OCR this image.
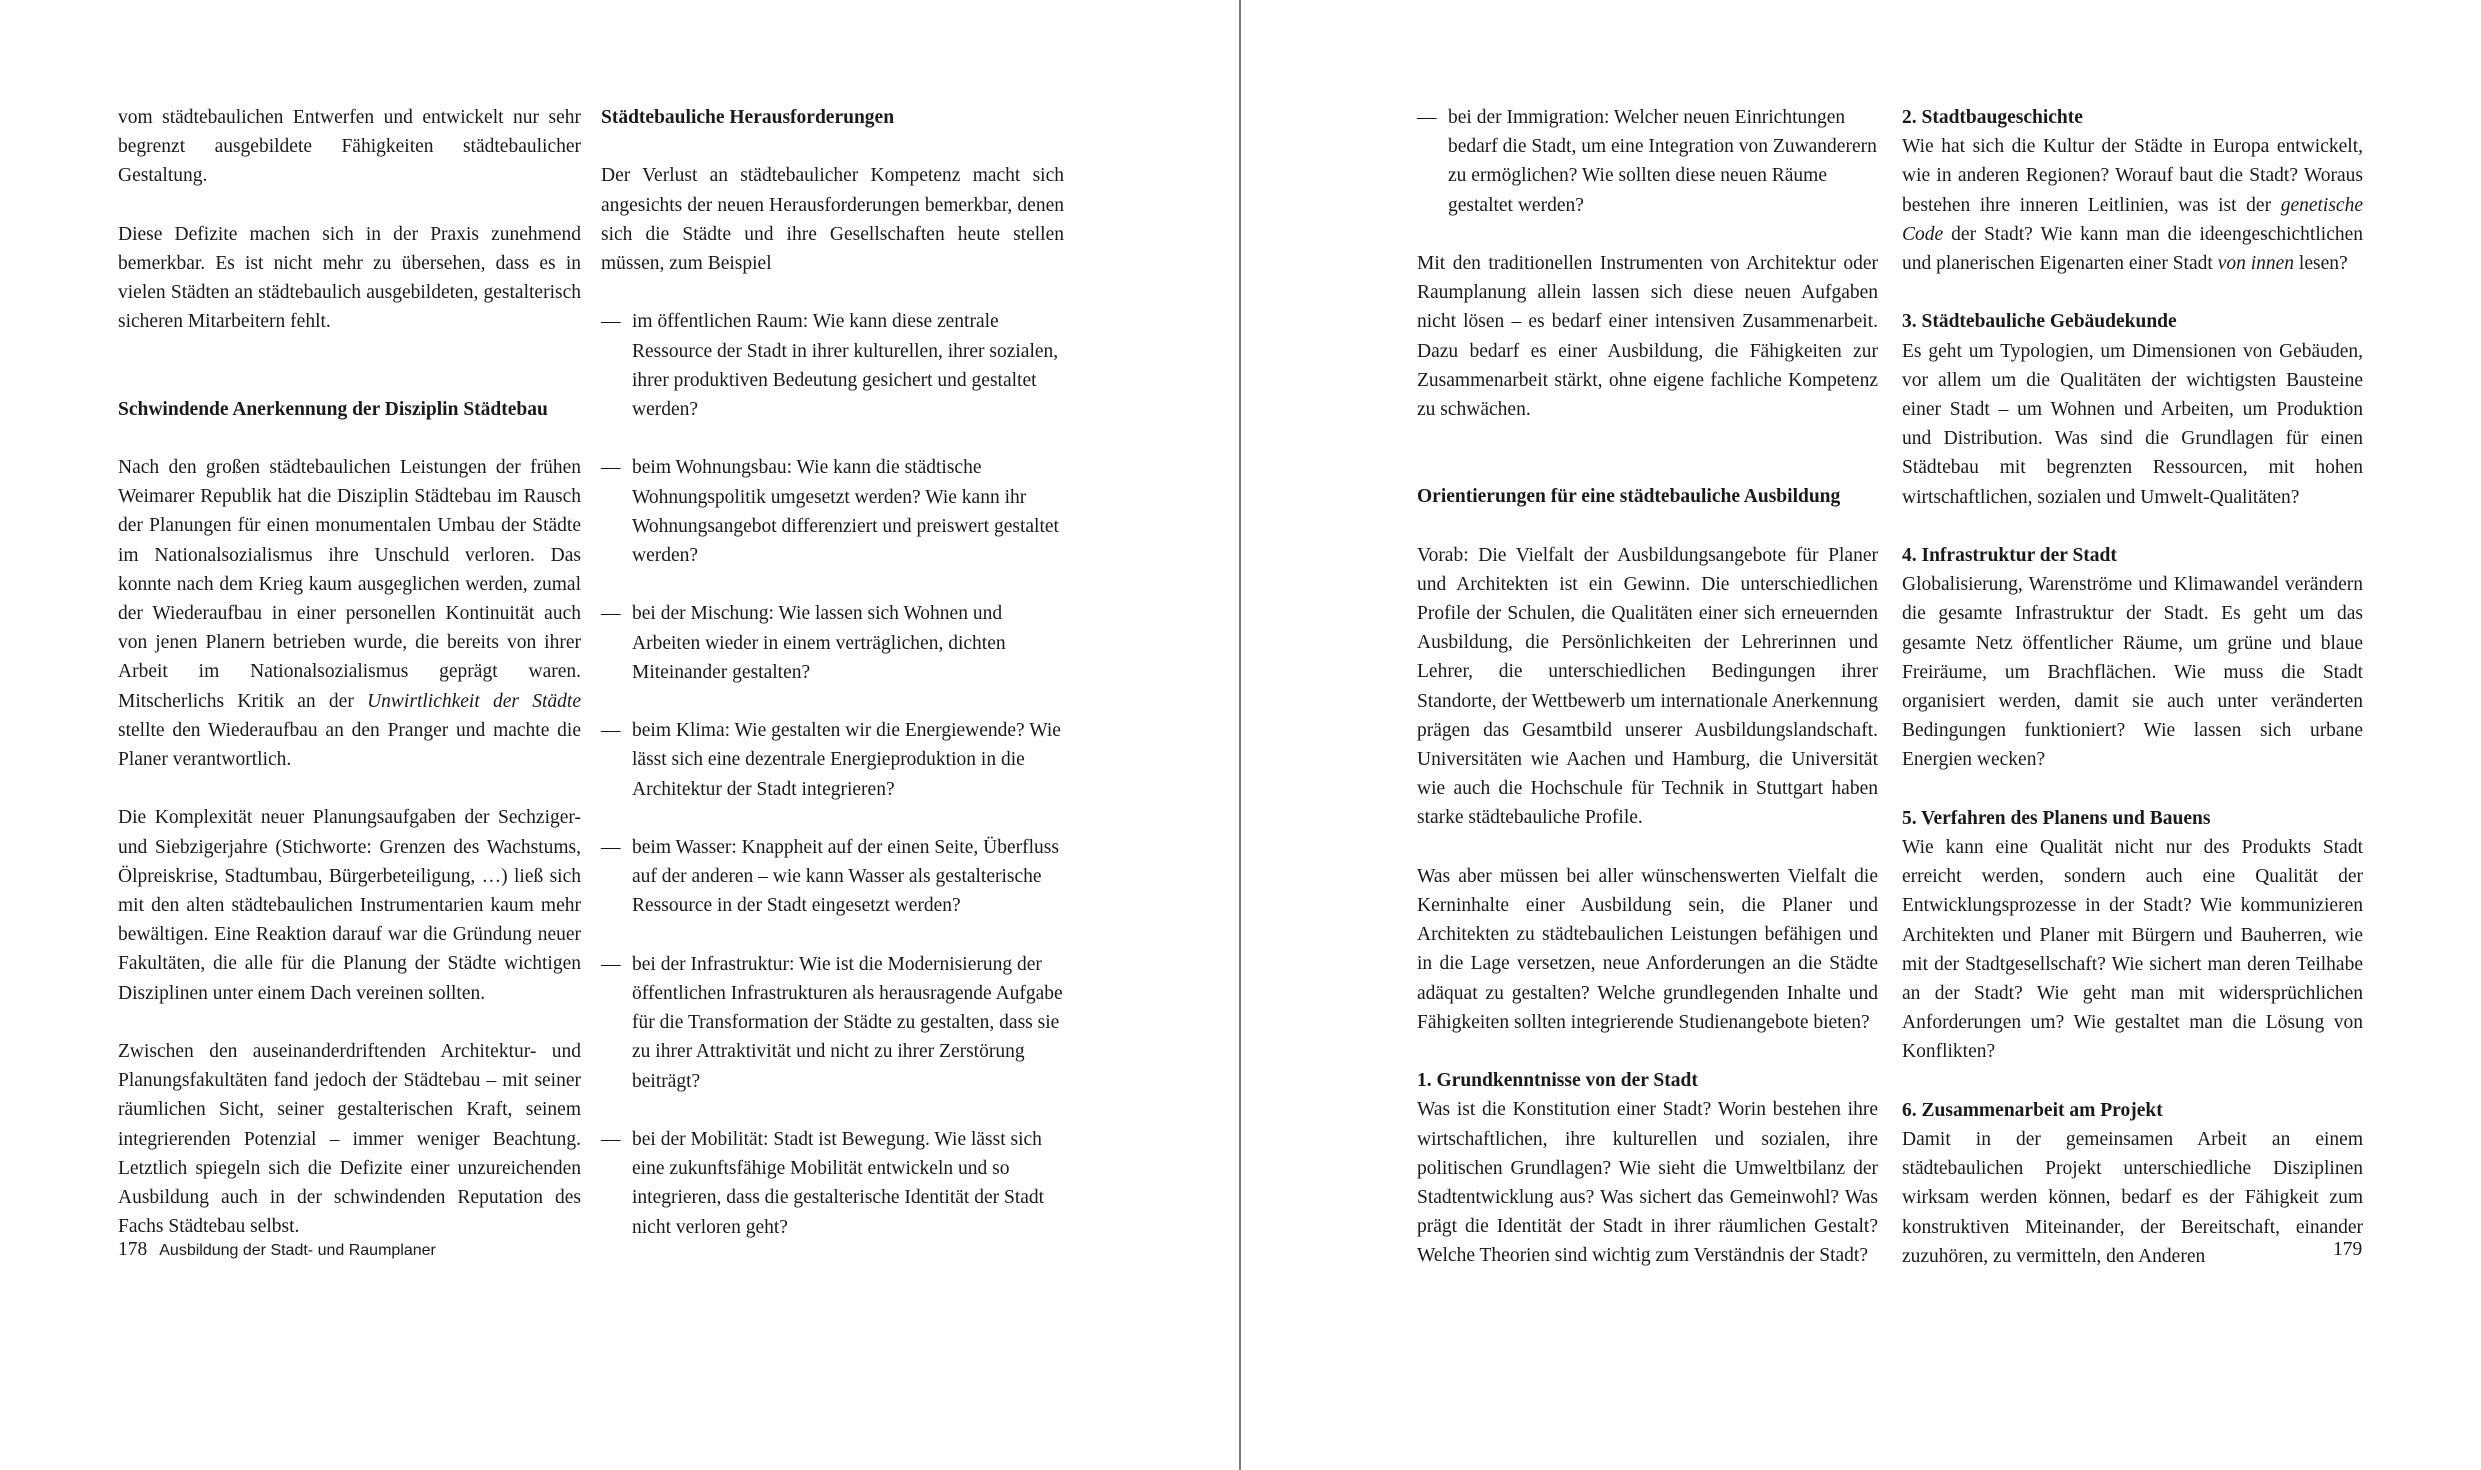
vom städtebaulichen Entwerfen und entwickelt nur sehr begrenzt ausgebildete Fähigkeiten städtebaulicher Gestaltung.

Diese Defizite machen sich in der Praxis zunehmend bemerkbar. Es ist nicht mehr zu übersehen, dass es in vielen Städten an städtebaulich ausgebildeten, gestalterisch sicheren Mitarbeitern fehlt.

Schwindende Anerkennung der Disziplin Städtebau

Nach den großen städtebaulichen Leistungen der frühen Weimarer Republik hat die Disziplin Städtebau im Rausch der Planungen für einen monumentalen Umbau der Städte im Nationalsozialismus ihre Unschuld verloren. Das konnte nach dem Krieg kaum ausgeglichen werden, zumal der Wiederaufbau in einer personellen Kontinuität auch von jenen Planern betrieben wurde, die bereits von ihrer Arbeit im Nationalsozialismus geprägt waren. Mitscherlichs Kritik an der Unwirtlichkeit der Städte stellte den Wiederaufbau an den Pranger und machte die Planer verantwortlich.

Die Komplexität neuer Planungsaufgaben der Sechziger- und Siebzigerjahre (Stichworte: Grenzen des Wachstums, Ölpreiskrise, Stadtumbau, Bürgerbeteiligung, …) ließ sich mit den alten städtebaulichen Instrumentarien kaum mehr bewältigen. Eine Reaktion darauf war die Gründung neuer Fakultäten, die alle für die Planung der Städte wichtigen Disziplinen unter einem Dach vereinen sollten.

Zwischen den auseinanderdriftenden Architektur- und Planungsfakultäten fand jedoch der Städtebau – mit seiner räumlichen Sicht, seiner gestalterischen Kraft, seinem integrierenden Potenzial – immer weniger Beachtung. Letztlich spiegeln sich die Defizite einer unzureichenden Ausbildung auch in der schwindenden Reputation des Fachs Städtebau selbst.

Städtebauliche Herausforderungen

Der Verlust an städtebaulicher Kompetenz macht sich angesichts der neuen Herausforderungen bemerkbar, denen sich die Städte und ihre Gesellschaften heute stellen müssen, zum Beispiel

— im öffentlichen Raum: Wie kann diese zentrale Ressource der Stadt in ihrer kulturellen, ihrer sozialen, ihrer produktiven Bedeutung gesichert und gestaltet werden?
— beim Wohnungsbau: Wie kann die städtische Wohnungspolitik umgesetzt werden? Wie kann ihr Wohnungsangebot differenziert und preiswert gestaltet werden?
— bei der Mischung: Wie lassen sich Wohnen und Arbeiten wieder in einem verträglichen, dichten Miteinander gestalten?
— beim Klima: Wie gestalten wir die Energiewende? Wie lässt sich eine dezentrale Energieproduktion in die Architektur der Stadt integrieren?
— beim Wasser: Knappheit auf der einen Seite, Überfluss auf der anderen – wie kann Wasser als gestalterische Ressource in der Stadt eingesetzt werden?
— bei der Infrastruktur: Wie ist die Modernisierung der öffentlichen Infrastrukturen als herausragende Aufgabe für die Transformation der Städte zu gestalten, dass sie zu ihrer Attraktivität und nicht zu ihrer Zerstörung beiträgt?
— bei der Mobilität: Stadt ist Bewegung. Wie lässt sich eine zukunftsfähige Mobilität entwickeln und so integrieren, dass die gestalterische Identität der Stadt nicht verloren geht?
178 Ausbildung der Stadt- und Raumplaner
— bei der Immigration: Welcher neuen Einrichtungen bedarf die Stadt, um eine Integration von Zuwanderern zu ermöglichen? Wie sollten diese neuen Räume gestaltet werden?

Mit den traditionellen Instrumenten von Architektur oder Raumplanung allein lassen sich diese neuen Aufgaben nicht lösen – es bedarf einer intensiven Zusammenarbeit. Dazu bedarf es einer Ausbildung, die Fähigkeiten zur Zusammenarbeit stärkt, ohne eigene fachliche Kompetenz zu schwächen.

Orientierungen für eine städtebauliche Ausbildung

Vorab: Die Vielfalt der Ausbildungsangebote für Planer und Architekten ist ein Gewinn. Die unterschiedlichen Profile der Schulen, die Qualitäten einer sich erneuernden Ausbildung, die Persönlichkeiten der Lehrerinnen und Lehrer, die unterschiedlichen Bedingungen ihrer Standorte, der Wettbewerb um internationale Anerkennung prägen das Gesamtbild unserer Ausbildungslandschaft. Universitäten wie Aachen und Hamburg, die Universität wie auch die Hochschule für Technik in Stuttgart haben starke städtebauliche Profile.

Was aber müssen bei aller wünschenswerten Vielfalt die Kerninhalte einer Ausbildung sein, die Planer und Architekten zu städtebaulichen Leistungen befähigen und in die Lage versetzen, neue Anforderungen an die Städte adäquat zu gestalten? Welche grundlegenden Inhalte und Fähigkeiten sollten integrierende Studienangebote bieten?

1. Grundkenntnisse von der Stadt

Was ist die Konstitution einer Stadt? Worin bestehen ihre wirtschaftlichen, ihre kulturellen und sozialen, ihre politischen Grundlagen? Wie sieht die Umweltbilanz der Stadtentwicklung aus? Was sichert das Gemeinwohl? Was prägt die Identität der Stadt in ihrer räumlichen Gestalt? Welche Theorien sind wichtig zum Verständnis der Stadt?

2. Stadtbaugeschichte

Wie hat sich die Kultur der Städte in Europa entwickelt, wie in anderen Regionen? Worauf baut die Stadt? Woraus bestehen ihre inneren Leitlinien, was ist der genetische Code der Stadt? Wie kann man die ideengeschichtlichen und planerischen Eigenarten einer Stadt von innen lesen?

3. Städtebauliche Gebäudekunde

Es geht um Typologien, um Dimensionen von Gebäuden, vor allem um die Qualitäten der wichtigsten Bausteine einer Stadt – um Wohnen und Arbeiten, um Produktion und Distribution. Was sind die Grundlagen für einen Städtebau mit begrenzten Ressourcen, mit hohen wirtschaftlichen, sozialen und Umwelt-Qualitäten?

4. Infrastruktur der Stadt

Globalisierung, Warenströme und Klimawandel verändern die gesamte Infrastruktur der Stadt. Es geht um das gesamte Netz öffentlicher Räume, um grüne und blaue Freiräume, um Brachflächen. Wie muss die Stadt organisiert werden, damit sie auch unter veränderten Bedingungen funktioniert? Wie lassen sich urbane Energien wecken?

5. Verfahren des Planens und Bauens

Wie kann eine Qualität nicht nur des Produkts Stadt erreicht werden, sondern auch eine Qualität der Entwicklungsprozesse in der Stadt? Wie kommunizieren Architekten und Planer mit Bürgern und Bauherren, wie mit der Stadtgesellschaft? Wie sichert man deren Teilhabe an der Stadt? Wie geht man mit widersprüchlichen Anforderungen um? Wie gestaltet man die Lösung von Konflikten?

6. Zusammenarbeit am Projekt

Damit in der gemeinsamen Arbeit an einem städtebaulichen Projekt unterschiedliche Disziplinen wirksam werden können, bedarf es der Fähigkeit zum konstruktiven Miteinander, der Bereitschaft, einander zuzuhören, zu vermitteln, den Anderen	179
